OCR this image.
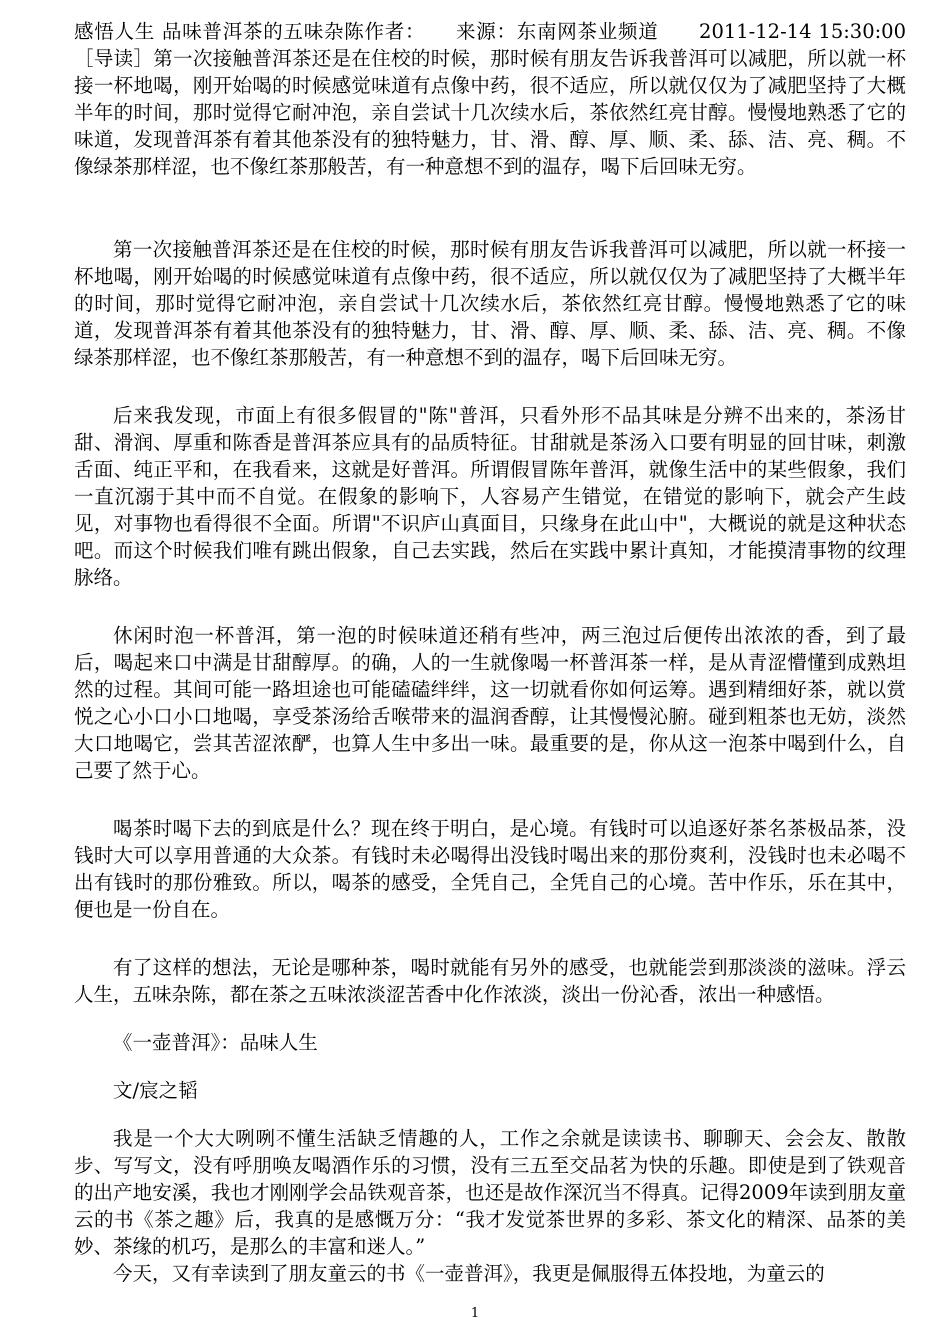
感悟人生 品味普洱茶的五味杂陈作者：　　来源：东南网茶业频道　　2011-12-14 15:30:00［导读］第一次接触普洱茶还是在住校的时候，那时候有朋友告诉我普洱可以减肥，所以就一杯接一杯地喝，刚开始喝的时候感觉味道有点像中药，很不适应，所以就仅仅为了减肥坚持了大概半年的时间，那时觉得它耐冲泡，亲自尝试十几次续水后，茶依然红亮甘醇。慢慢地熟悉了它的味道，发现普洱茶有着其他茶没有的独特魅力，甘、滑、醇、厚、顺、柔、舔、洁、亮、稠。不像绿茶那样涩，也不像红茶那般苦，有一种意想不到的温存，喝下后回味无穷。

第一次接触普洱茶还是在住校的时候，那时候有朋友告诉我普洱可以减肥，所以就一杯接一杯地喝，刚开始喝的时候感觉味道有点像中药，很不适应，所以就仅仅为了减肥坚持了大概半年的时间，那时觉得它耐冲泡，亲自尝试十几次续水后，茶依然红亮甘醇。慢慢地熟悉了它的味道，发现普洱茶有着其他茶没有的独特魅力，甘、滑、醇、厚、顺、柔、舔、洁、亮、稠。不像绿茶那样涩，也不像红茶那般苦，有一种意想不到的温存，喝下后回味无穷。

后来我发现，市面上有很多假冒的"陈"普洱，只看外形不品其味是分辨不出来的，茶汤甘甜、滑润、厚重和陈香是普洱茶应具有的品质特征。甘甜就是茶汤入口要有明显的回甘味，刺激舌面、纯正平和，在我看来，这就是好普洱。所谓假冒陈年普洱，就像生活中的某些假象，我们一直沉溺于其中而不自觉。在假象的影响下，人容易产生错觉，在错觉的影响下，就会产生歧见，对事物也看得很不全面。所谓"不识庐山真面目，只缘身在此山中"，大概说的就是这种状态吧。而这个时候我们唯有跳出假象，自己去实践，然后在实践中累计真知，才能摸清事物的纹理脉络。

休闲时泡一杯普洱，第一泡的时候味道还稍有些冲，两三泡过后便传出浓浓的香，到了最后，喝起来口中满是甘甜醇厚。的确，人的一生就像喝一杯普洱茶一样，是从青涩懵懂到成熟坦然的过程。其间可能一路坦途也可能磕磕绊绊，这一切就看你如何运筹。遇到精细好茶，就以赏悦之心小口小口地喝，享受茶汤给舌喉带来的温润香醇，让其慢慢沁腑。碰到粗茶也无妨，淡然大口地喝它，尝其苦涩浓酽，也算人生中多出一味。最重要的是，你从这一泡茶中喝到什么，自己要了然于心。

喝茶时喝下去的到底是什么？现在终于明白，是心境。有钱时可以追逐好茶名茶极品茶，没钱时大可以享用普通的大众茶。有钱时未必喝得出没钱时喝出来的那份爽利，没钱时也未必喝不出有钱时的那份雅致。所以，喝茶的感受，全凭自己，全凭自己的心境。苦中作乐，乐在其中，便也是一份自在。

有了这样的想法，无论是哪种茶，喝时就能有另外的感受，也就能尝到那淡淡的滋味。浮云人生，五味杂陈，都在茶之五味浓淡涩苦香中化作浓淡，淡出一份沁香，浓出一种感悟。

《一壶普洱》：品味人生

文/宸之韬

我是一个大大咧咧不懂生活缺乏情趣的人，工作之余就是读读书、聊聊天、会会友、散散步、写写文，没有呼朋唤友喝酒作乐的习惯，没有三五至交品茗为快的乐趣。即使是到了铁观音的出产地安溪，我也才刚刚学会品铁观音茶，也还是故作深沉当不得真。记得2009年读到朋友童云的书《茶之趣》后，我真的是感慨万分：“我才发觉茶世界的多彩、茶文化的精深、品茶的美妙、茶缘的机巧，是那么的丰富和迷人。”

今天，又有幸读到了朋友童云的书《一壶普洱》，我更是佩服得五体投地，为童云的

1
